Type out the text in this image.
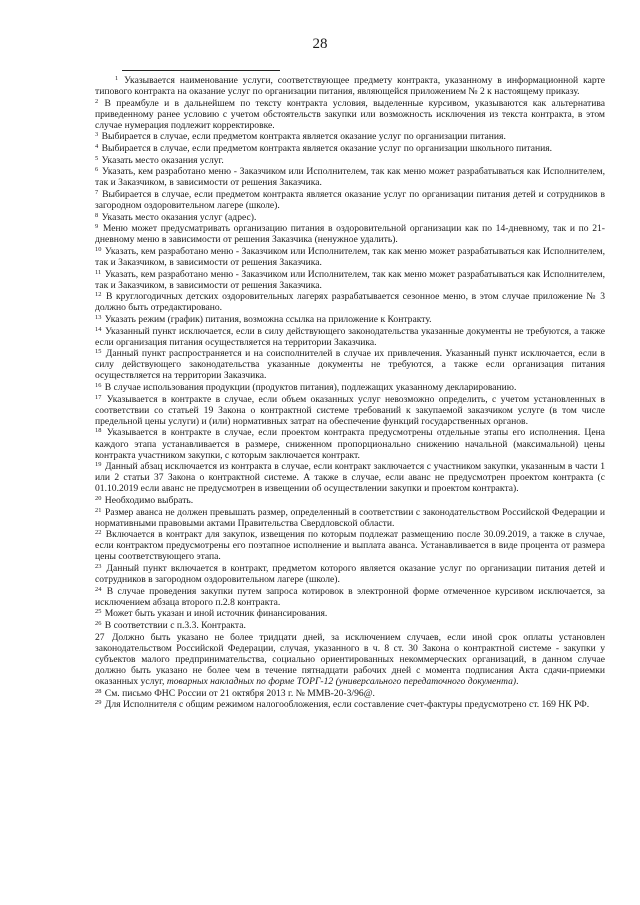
28

$^1$ Указывается наименование услуги, соответствующее предмету контракта, указанному в информационной карте типового контракта на оказание услуг по организации питания, являющейся приложением № 2 к настоящему приказу.

$^2$ В преамбуле и в дальнейшем по тексту контракта условия, выделенные курсивом, указываются как альтернатива приведенному ранее условию с учетом обстоятельств закупки или возможность исключения из текста контракта, в этом случае нумерация подлежит корректировке.

$^3$ Выбирается в случае, если предметом контракта является оказание услуг по организации питания.

$^4$ Выбирается в случае, если предметом контракта является оказание услуг по организации школьного питания.

$^5$ Указать место оказания услуг.

$^6$ Указать, кем разработано меню - Заказчиком или Исполнителем, так как меню может разрабатываться как Исполнителем, так и Заказчиком, в зависимости от решения Заказчика.

$^7$ Выбирается в случае, если предметом контракта является оказание услуг по организации питания детей и сотрудников в загородном оздоровительном лагере (школе).

$^8$ Указать место оказания услуг (адрес).

$^9$ Меню может предусматривать организацию питания в оздоровительной организации как по 14-дневному, так и по 21-дневному меню в зависимости от решения Заказчика (ненужное удалить).

$^{10}$ Указать, кем разработано меню - Заказчиком или Исполнителем, так как меню может разрабатываться как Исполнителем, так и Заказчиком, в зависимости от решения Заказчика.

$^{11}$ Указать, кем разработано меню - Заказчиком или Исполнителем, так как меню может разрабатываться как Исполнителем, так и Заказчиком, в зависимости от решения Заказчика.

$^{12}$ В круглогодичных детских оздоровительных лагерях разрабатывается сезонное меню, в этом случае приложение № 3 должно быть отредактировано.

$^{13}$ Указать режим (график) питания, возможна ссылка на приложение к Контракту.

$^{14}$ Указанный пункт исключается, если в силу действующего законодательства указанные документы не требуются, а также если организация питания осуществляется на территории Заказчика.

$^{15}$ Данный пункт распространяется и на соисполнителей в случае их привлечения. Указанный пункт исключается, если в силу действующего законодательства указанные документы не требуются, а также если организация питания осуществляется на территории Заказчика.

$^{16}$ В случае использования продукции (продуктов питания), подлежащих указанному декларированию.

$^{17}$ Указывается в контракте в случае, если объем оказанных услуг невозможно определить, с учетом установленных в соответствии со статьей 19 Закона о контрактной системе требований к закупаемой заказчиком услуге (в том числе предельной цены услуги) и (или) нормативных затрат на обеспечение функций государственных органов.

$^{18}$ Указывается в контракте в случае, если проектом контракта предусмотрены отдельные этапы его исполнения. Цена каждого этапа устанавливается в размере, сниженном пропорционально снижению начальной (максимальной) цены контракта участником закупки, с которым заключается контракт.

$^{19}$ Данный абзац исключается из контракта в случае, если контракт заключается с участником закупки, указанным в части 1 или 2 статьи 37 Закона о контрактной системе. А также в случае, если аванс не предусмотрен проектом контракта (с 01.10.2019 если аванс не предусмотрен в извещении об осуществлении закупки и проектом контракта).

$^{20}$ Необходимо выбрать.

$^{21}$ Размер аванса не должен превышать размер, определенный в соответствии с законодательством Российской Федерации и нормативными правовыми актами Правительства Свердловской области.

$^{22}$ Включается в контракт для закупок, извещения по которым подлежат размещению после 30.09.2019, а также в случае, если контрактом предусмотрены его поэтапное исполнение и выплата аванса. Устанавливается в виде процента от размера цены соответствующего этапа.

$^{23}$ Данный пункт включается в контракт, предметом которого является оказание услуг по организации питания детей и сотрудников в загородном оздоровительном лагере (школе).

$^{24}$ В случае проведения закупки путем запроса котировок в электронной форме отмеченное курсивом исключается, за исключением абзаца второго п.2.8 контракта.

$^{25}$ Может быть указан и иной источник финансирования.

$^{26}$ В соответствии с п.3.3. Контракта.

27 Должно быть указано не более тридцати дней, за исключением случаев, если иной срок оплаты установлен законодательством Российской Федерации, случая, указанного в ч. 8 ст. 30 Закона о контрактной системе - закупки у субъектов малого предпринимательства, социально ориентированных некоммерческих организаций, в данном случае должно быть указано не более чем в течение пятнадцати рабочих дней с момента подписания Акта сдачи-приемки оказанных услуг, товарных накладных по форме ТОРГ-12 (универсального передаточного документа).

$^{28}$ См. письмо ФНС России от 21 октября 2013 г. № ММВ-20-3/96@.

$^{29}$ Для Исполнителя с общим режимом налогообложения, если составление счет-фактуры предусмотрено ст. 169 НК РФ.
